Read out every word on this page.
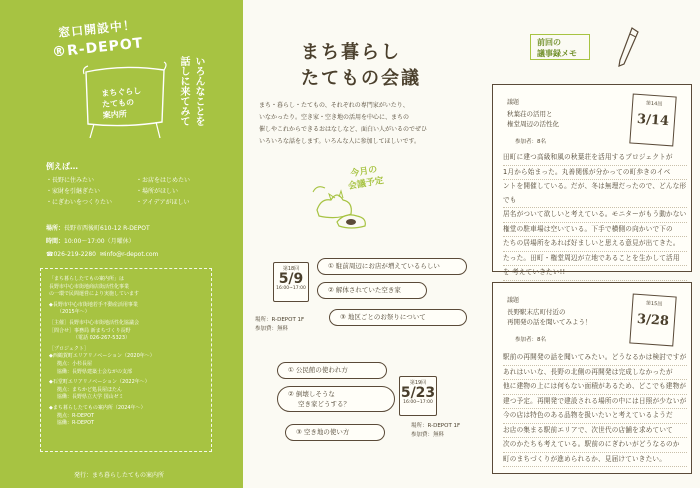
窓口開設中！
®R-DEPOT
まちぐらし
たてもの
案内所	いろんなことを
話しに来てみて
例えば…
・ 長野に住みたい
・ 家財を引継ぎたい
・ にぎわいをつくりたい
・ お店をはじめたい
・ 場所がほしい
・ アイデアがほしい
場所：長野市西後町610-12 R-DEPOT
時間：10:00～17:00（月曜休）
☎026-219-2280 ✉info@r-depot.com

「まち暮らしたてもの案内所」は

長野市中心市街地商店街活性化事業

の一環で民間運営により実施しています

◆長野市中心市街地若手不動産活用事業

（2015年～）

［主催］長野市中心市街地活性化協議会

［問合せ］事務局 新まちづくり長野

（電話 026-267-5323）

［プロジェクト］

◆西鶴賀町エリアリノベーション（2020年～）

拠点：小杉長屋

協働：長野県建築士会ながの支部

◆石堂町エリアリノベーション（2022年～）

拠点：まちかど処長屋ほたん

協働：長野県立大学 国山ゼミ

◆まち暮らしたてもの案内所（2024年～）

拠点：R-DEPOT

協働：R-DEPOT

発行：まち暮らしたてもの案内所
まち暮らし
たてもの会議
まち・暮らし・たてもの、それぞれの専門家がいたり、
いなかったり。空き家・空き地の活用を中心に、まちの
催しやこれからできるおはなしなど、面白い人がいるのでぜひ
いろいろな話をします。いろんな人に参加してほしいです。
今月の
会議予定
第18回
5/9
16:00~17:00
① 駐前周辺にお店が増えているらしい
② 解体されていた空き家
場所：R-DEPOT 1F
参加費：無料
③ 地区ごとのお祭りについて
① 公民館の使われ方
② 倒壊しそうな
空き家どうする？
③ 空き地の使い方
第19回
5/23
16:00~17:00
場所：R-DEPOT 1F
参加費：無料
前回の
議事録メモ
議題
秋葉荘の活用と
権堂周辺の活性化
参加者：8名
第14回
3/14
田町に建つ高級和風の秋葉荘を活用するプロジェクトが
1月から始まった。丸善関係が分かっての町歩きのイベ
ントを開催している。だが、冬は無理だったので、どんな形でも
居名がついて欲しいと考えている。モニターがもう動かない
権堂の駐車場は空いている。下手で横側の向かいで下の
たちの居場所をあれば好ましいと思える意見が出てきた。
たった。田町・権堂周辺が立地であることを生かして活用
を 考えていきたい!!
議題
長野駅末広町付近の
再開発の話を聞いてみよう！
参加者：8名
第15回
3/28
駅前の再開発の話を聞いてみたい。どうなるかは検討ですが
あれはいいな、長野の北側の再開発は完成しなかったが
他に建物の上には何もない面積があるため、どこでも建物が
建つ予定。再開発で建設される場所の中には日照が少ないが
今の店は特色のある品物を扱いたいと考えているようだ
お店の集まる駅前エリアで、次世代の店舗を求めていて
次のかたちも考えている。駅前のにぎわいがどうなるのか
町のまちづくりが進められるか、見届けていきたい。
